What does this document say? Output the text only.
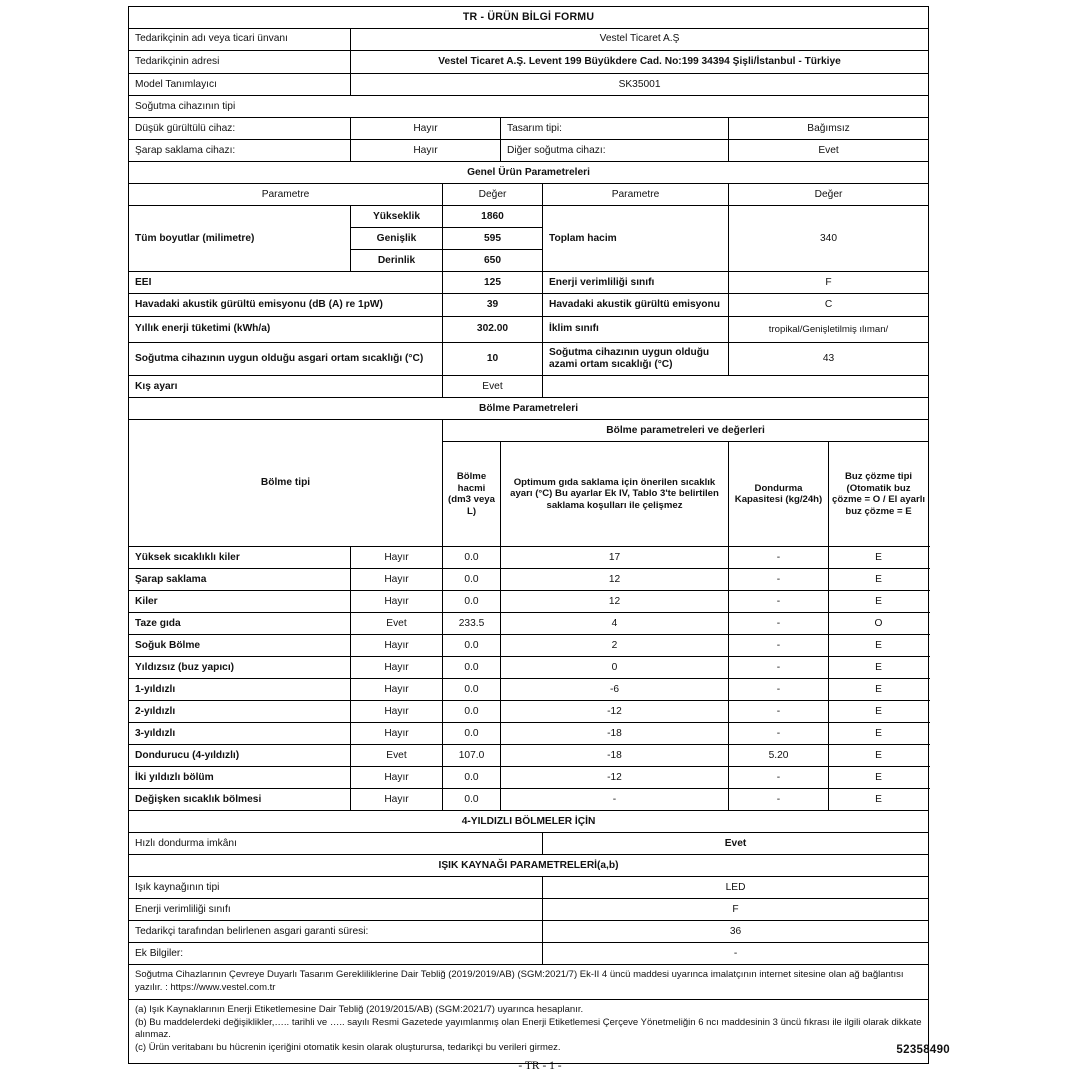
TR - ÜRÜN BİLGİ FORMU						
Tedarikçinin adı veya ticari ünvanı	Vestel Ticaret A.Ş					
Tedarikçinin adresi	Vestel Ticaret A.Ş. Levent 199 Büyükdere Cad. No:199 34394 Şişli/İstanbul - Türkiye					
Model Tanımlayıcı	SK35001					
Soğutma cihazının tipi						
Düşük gürültülü cihaz:	Hayır		Tasarım tipi:		Bağımsız	
Şarap saklama cihazı:	Hayır		Diğer soğutma cihazı:		Evet	
Genel Ürün Parametreleri						
Parametre		Değer		Parametre	Değer	
Tüm boyutlar (milimetre)	Yükseklik	1860		Toplam hacim	340	
	Genişlik	595				
	Derinlik	650				
EEI		125		Enerji verimliliği sınıfı	F	
Havadaki akustik gürültü emisyonu (dB (A) re 1pW)		39		Havadaki akustik gürültü emisyonu	C	
Yıllık enerji tüketimi (kWh/a)		302.00		İklim sınıfı	tropikal/Genişletilmiş ılıman/	
Soğutma cihazının uygun olduğu asgari ortam sıcaklığı (°C)		10		Soğutma cihazının uygun olduğu azami ortam sıcaklığı (°C)	43	
Kış ayarı		Evet				
Bölme Parametreleri						
Bölme tipi		Bölme parametreleri ve değerleri				
		Bölme hacmi (dm3 veya L)	Optimum gıda saklama için önerilen sıcaklık ayarı (°C) Bu ayarlar Ek IV, Tablo 3'te belirtilen saklama koşulları ile çelişmez		Dondurma Kapasitesi (kg/24h)	Buz çözme tipi (Otomatik buz çözme = O / El ayarlı buz çözme = E
Yüksek sıcaklıklı kiler	Hayır	0.0	17		-	E
Şarap saklama	Hayır	0.0	12		-	E
Kiler	Hayır	0.0	12		-	E
Taze gıda	Evet	233.5	4		-	O
Soğuk Bölme	Hayır	0.0	2		-	E
Yıldızsız (buz yapıcı)	Hayır	0.0	0		-	E
1-yıldızlı	Hayır	0.0	-6		-	E
2-yıldızlı	Hayır	0.0	-12		-	E
3-yıldızlı	Hayır	0.0	-18		-	E
Dondurucu (4-yıldızlı)	Evet	107.0	-18		5.20	E
İki yıldızlı bölüm	Hayır	0.0	-12		-	E
Değişken sıcaklık bölmesi	Hayır	0.0	-		-	E
4-YILDIZLI BÖLMELER İÇİN						
Hızlı dondurma imkânı				Evet		
IŞIK KAYNAĞI PARAMETRELERİ(a,b)						
Işık kaynağının tipi				LED		
Enerji verimliliği sınıfı				F		
Tedarikçi tarafından belirlenen asgari garanti süresi:				36		
Ek Bilgiler:				-		
Soğutma Cihazlarının Çevreye Duyarlı Tasarım Gerekliliklerine Dair Tebliğ (2019/2019/AB) (SGM:2021/7) Ek-II 4 üncü maddesi uyarınca imalatçının internet sitesine olan ağ bağlantısı yazılır. : https://www.vestel.com.tr						

(a) Işık Kaynaklarının Enerji Etiketlemesine Dair Tebliğ (2019/2015/AB) (SGM:2021/7) uyarınca hesaplanır.
(b) Bu maddelerdeki değişiklikler,….. tarihli ve ….. sayılı Resmi Gazetede yayımlanmış olan Enerji Etiketlemesi Çerçeve Yönetmeliğin 6 ncı maddesinin 3 üncü fıkrası ile ilgili olarak dikkate alınmaz.
(c) Ürün veritabanı bu hücrenin içeriğini otomatik kesin olarak oluşturursa, tedarikçi bu verileri girmez.							52358490
- TR - 1 -
